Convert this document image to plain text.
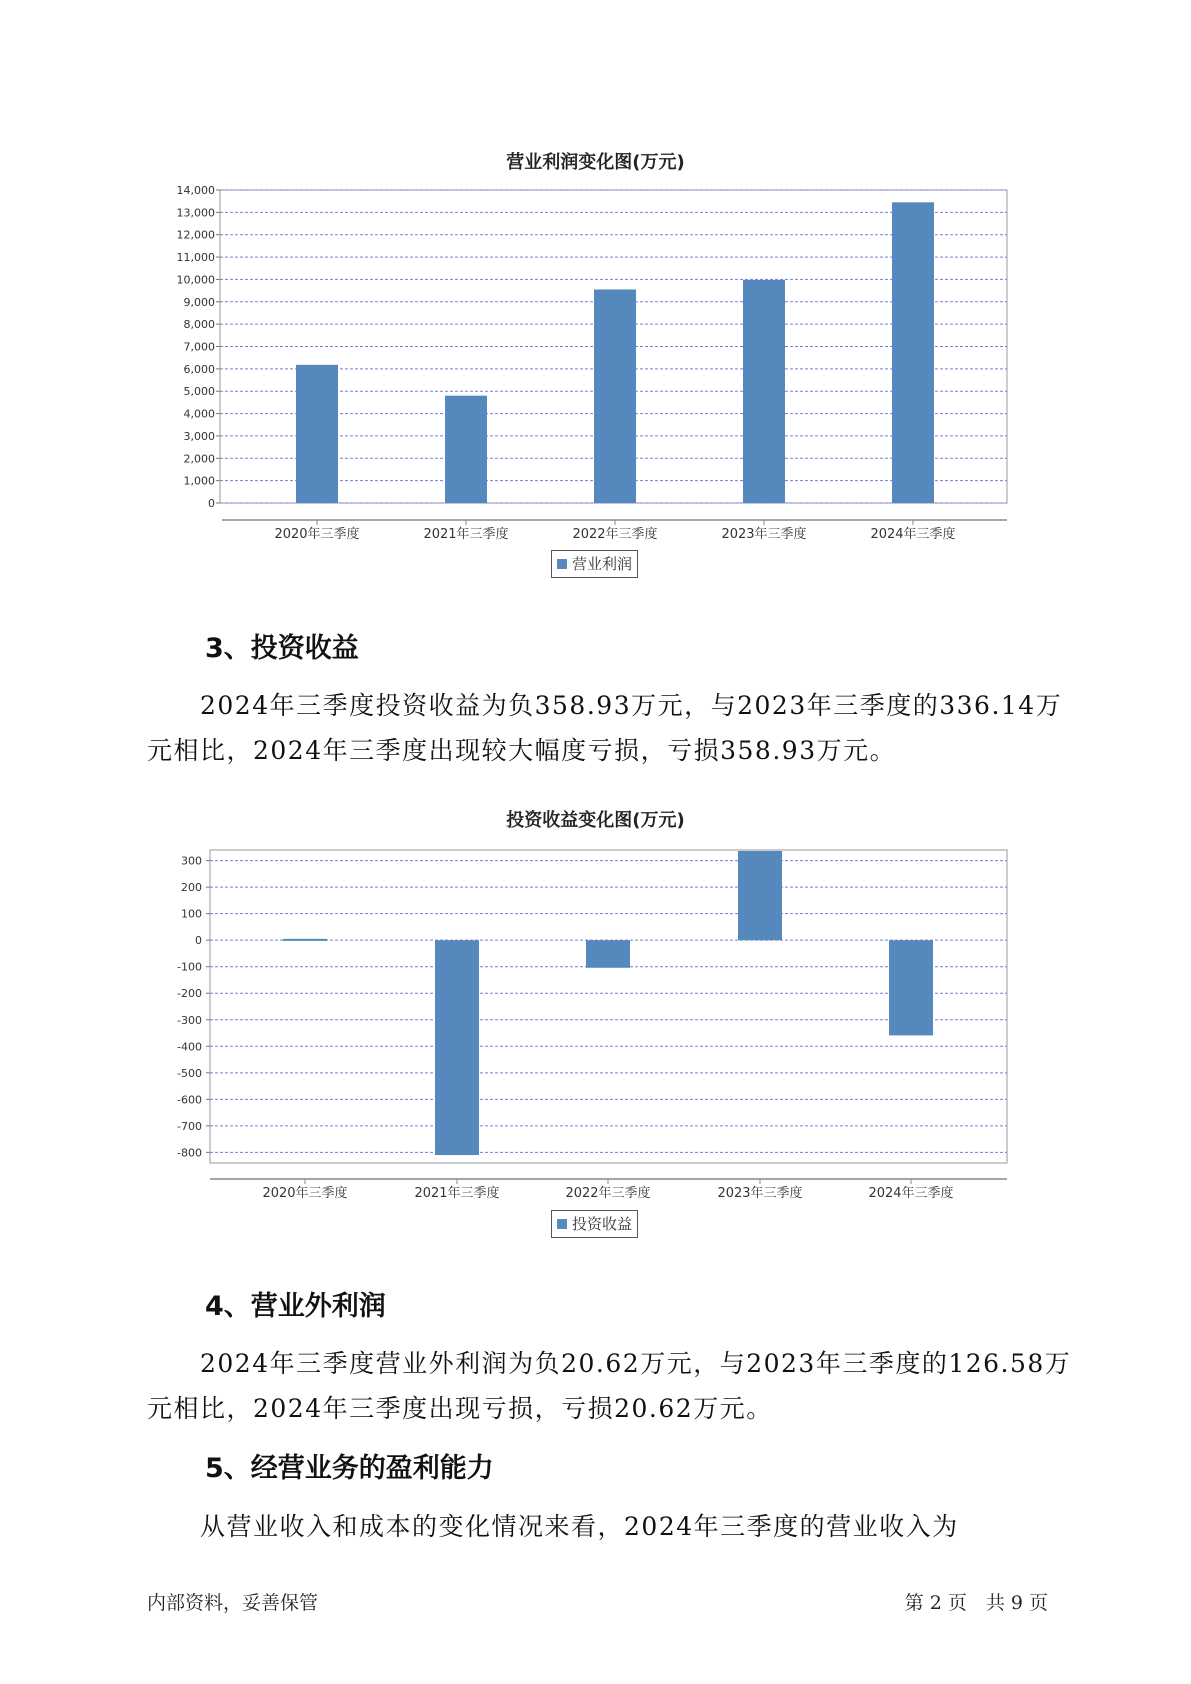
营业利润变化图(万元)
0
1,000
2,000
3,000
4,000
5,000
6,000
7,000
8,000
9,000
10,000
11,000
12,000
13,000
14,000
2020年三季度	2021年三季度	2022年三季度	2023年三季度	2024年三季度
营业利润
3、投资收益

2024年三季度投资收益为负358.93万元，与2023年三季度的336.14万

元相比，2024年三季度出现较大幅度亏损，亏损358.93万元。

投资收益变化图(万元)
300
200
100
0
-100
-200
-300
-400
-500
-600
-700
-800
2020年三季度	2021年三季度	2022年三季度	2023年三季度	2024年三季度
投资收益
4、营业外利润

2024年三季度营业外利润为负20.62万元，与2023年三季度的126.58万

元相比，2024年三季度出现亏损，亏损20.62万元。

5、经营业务的盈利能力

从营业收入和成本的变化情况来看，2024年三季度的营业收入为

内部资料，妥善保管	第 2 页　共 9 页
